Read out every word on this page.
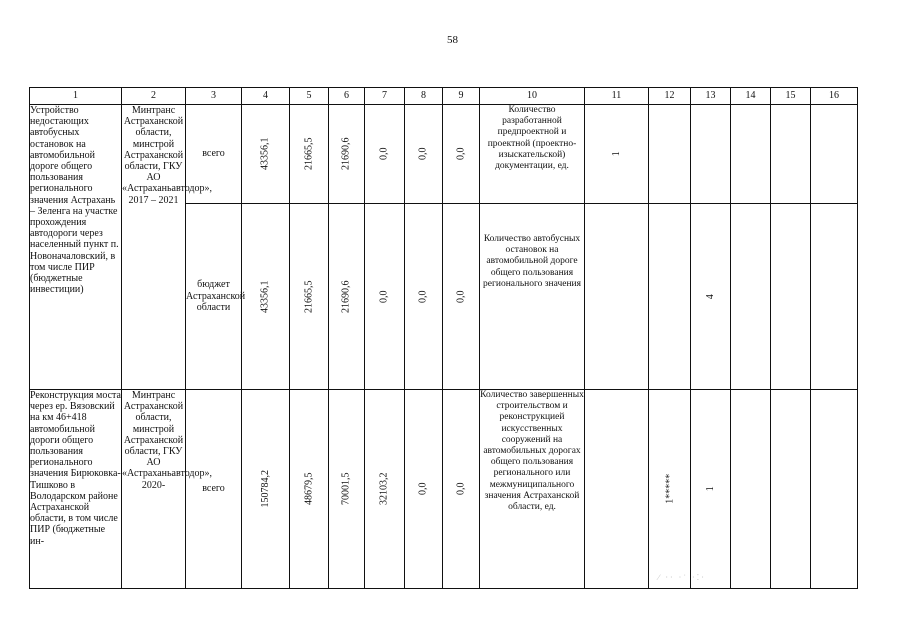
58
1	2	3	4	5	6	7	8	9	10	11	12	13	14	15	16
Устройство недостающих автобусных остановок на автомобильной дороге общего пользования регионального значения Астрахань – Зеленга на участке прохождения автодороги через населенный пункт п. Новоначаловский, в том числе ПИР (бюджетные инвестиции)	Минтранс Астраханской области, минстрой Астраханской области, ГКУ АО «Астраханьавтодор», 2017 – 2021	всего	43356,1	21665,5	21690,6	0,0	0,0	0,0	Количество разработанной предпроектной и проектной (проектно-изыскательской) документации, ед.	1					
		бюджет Астраханской области	43356,1	21665,5	21690,6	0,0	0,0	0,0	Количество автобусных остановок на автомобильной дороге общего пользования регионального значения			4			
Реконструкция моста через ер. Вязовский на км 46+418 автомобильной дороги общего пользования регионального значения Бирюковка-Тишково в Володарском районе Астраханской области, в том числе ПИР (бюджетные ин-	Минтранс Астраханской области, минстрой Астраханской области, ГКУ АО «Астраханьавтодор», 2020-	всего	150784,2	48679,5	70001,5	32103,2	0,0	0,0	Количество завершенных строительством и реконструкцией искусственных сооружений на автомобильных дорогах общего пользования регионального или межмуниципального значения Астраханской области, ед.		1*****	1			
⁄ ·· ·˙ ·⁚·
